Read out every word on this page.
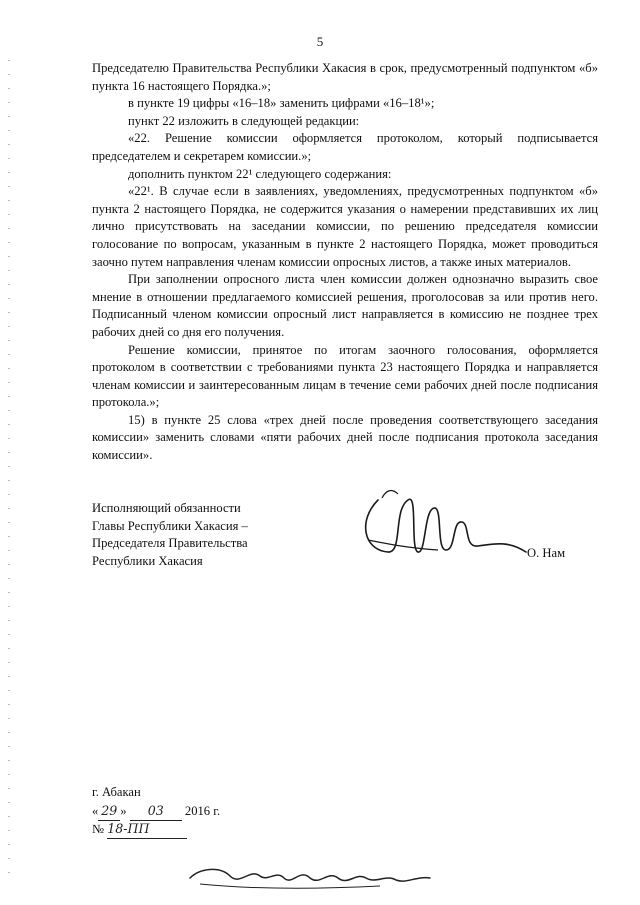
5

Председателю Правительства Республики Хакасия в срок, предусмотренный подпунктом «б» пункта 16 настоящего Порядка.»;

в пункте 19 цифры «16–18» заменить цифрами «16–18¹»;

пункт 22 изложить в следующей редакции:

«22. Решение комиссии оформляется протоколом, который подписывается председателем и секретарем комиссии.»;

дополнить пунктом 22¹ следующего содержания:

«22¹. В случае если в заявлениях, уведомлениях, предусмотренных подпунктом «б» пункта 2 настоящего Порядка, не содержится указания о намерении представивших их лиц лично присутствовать на заседании комиссии, по решению председателя комиссии голосование по вопросам, указанным в пункте 2 настоящего Порядка, может проводиться заочно путем направления членам комиссии опросных листов, а также иных материалов.

При заполнении опросного листа член комиссии должен однозначно выразить свое мнение в отношении предлагаемого комиссией решения, проголосовав за или против него. Подписанный членом комиссии опросный лист направляется в комиссию не позднее трех рабочих дней со дня его получения.

Решение комиссии, принятое по итогам заочного голосования, оформляется протоколом в соответствии с требованиями пункта 23 настоящего Порядка и направляется членам комиссии и заинтересованным лицам в течение семи рабочих дней после подписания протокола.»;

15) в пункте 25 слова «трех дней после проведения соответствующего заседания комиссии» заменить словами «пяти рабочих дней после подписания протокола заседания комиссии».

Исполняющий обязанности
Главы Республики Хакасия –
Председателя Правительства
Республики Хакасия
О. Нам
г. Абакан
« 29 » 03 2016 г.
№ 18-ПП
